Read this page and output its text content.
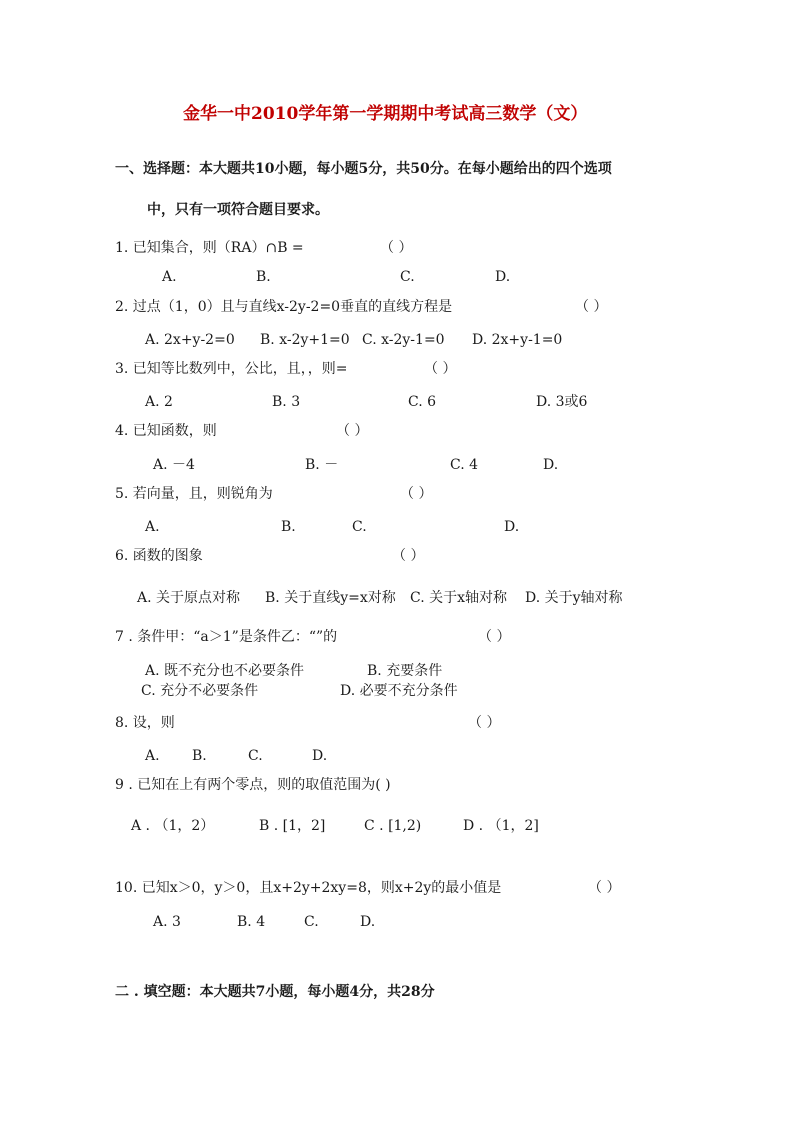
金华一中2010学年第一学期期中考试高三数学（文）
一、选择题：本大题共10小题，每小题5分，共50分。在每小题给出的四个选项
中，只有一项符合题目要求。
1. 已知集合，则（RA）∩B =	（ ）
A.	B.	C.	D.
2. 过点（1，0）且与直线x-2y-2=0垂直的直线方程是	（ ）
A. 2x+y-2=0 B. x-2y+1=0 C. x-2y-1=0 D. 2x+y-1=0
3. 已知等比数列中，公比，且，，则=	（ ）
A. 2	B. 3	C. 6	D. 3或6
4. 已知函数，则	（ ）
A. －4	B. －	C. 4	D.
5. 若向量，且，则锐角为	（ ）
A.	B.	C.	D.
6. 函数的图象	（ ）
A. 关于原点对称 B. 关于直线y=x对称 C. 关于x轴对称 D. 关于y轴对称
7 . 条件甲：“a＞1”是条件乙：“”的	（ ）
A. 既不充分也不必要条件	B. 充要条件
C. 充分不必要条件	D. 必要不充分条件
8. 设，则	（ ）
A. B.	C.	D.
9 . 已知在上有两个零点，则的取值范围为( )
A . （1，2）	B . [1，2]	C . [1,2)	D . （1，2]
10. 已知x＞0，y＞0，且x+2y+2xy=8，则x+2y的最小值是	（ ）
A. 3	B. 4	C.	D.
二 . 填空题：本大题共7小题，每小题4分，共28分
